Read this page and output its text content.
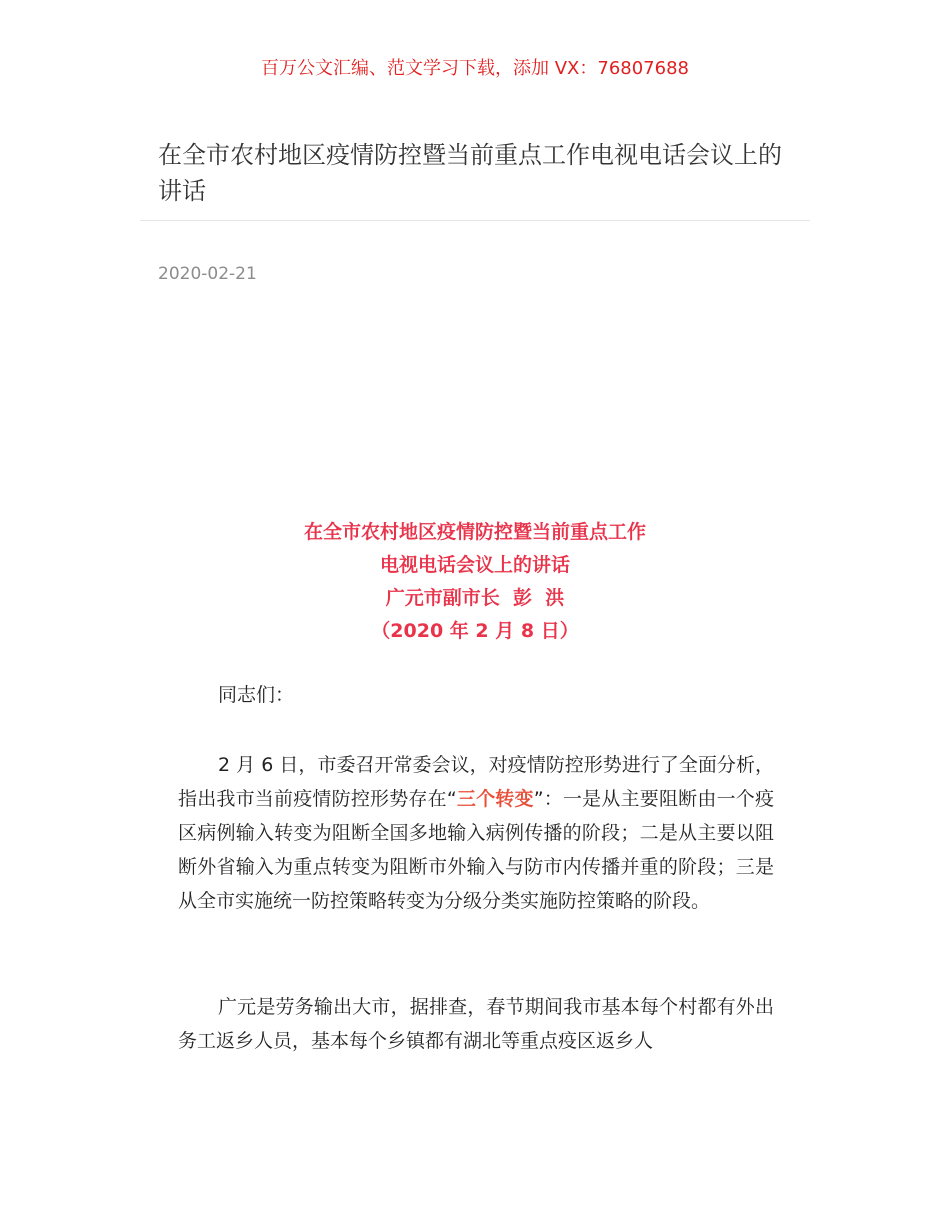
百万公文汇编、范文学习下载，添加 VX：76807688
在全市农村地区疫情防控暨当前重点工作电视电话会议上的讲话
2020-02-21
在全市农村地区疫情防控暨当前重点工作
电视电话会议上的讲话
广元市副市长  彭  洪
（2020 年 2 月 8 日）

同志们：

2 月 6 日，市委召开常委会议，对疫情防控形势进行了全面分析，指出我市当前疫情防控形势存在“三个转变”：一是从主要阻断由一个疫区病例输入转变为阻断全国多地输入病例传播的阶段；二是从主要以阻断外省输入为重点转变为阻断市外输入与防市内传播并重的阶段；三是从全市实施统一防控策略转变为分级分类实施防控策略的阶段。

广元是劳务输出大市，据排查，春节期间我市基本每个村都有外出务工返乡人员，基本每个乡镇都有湖北等重点疫区返乡人
